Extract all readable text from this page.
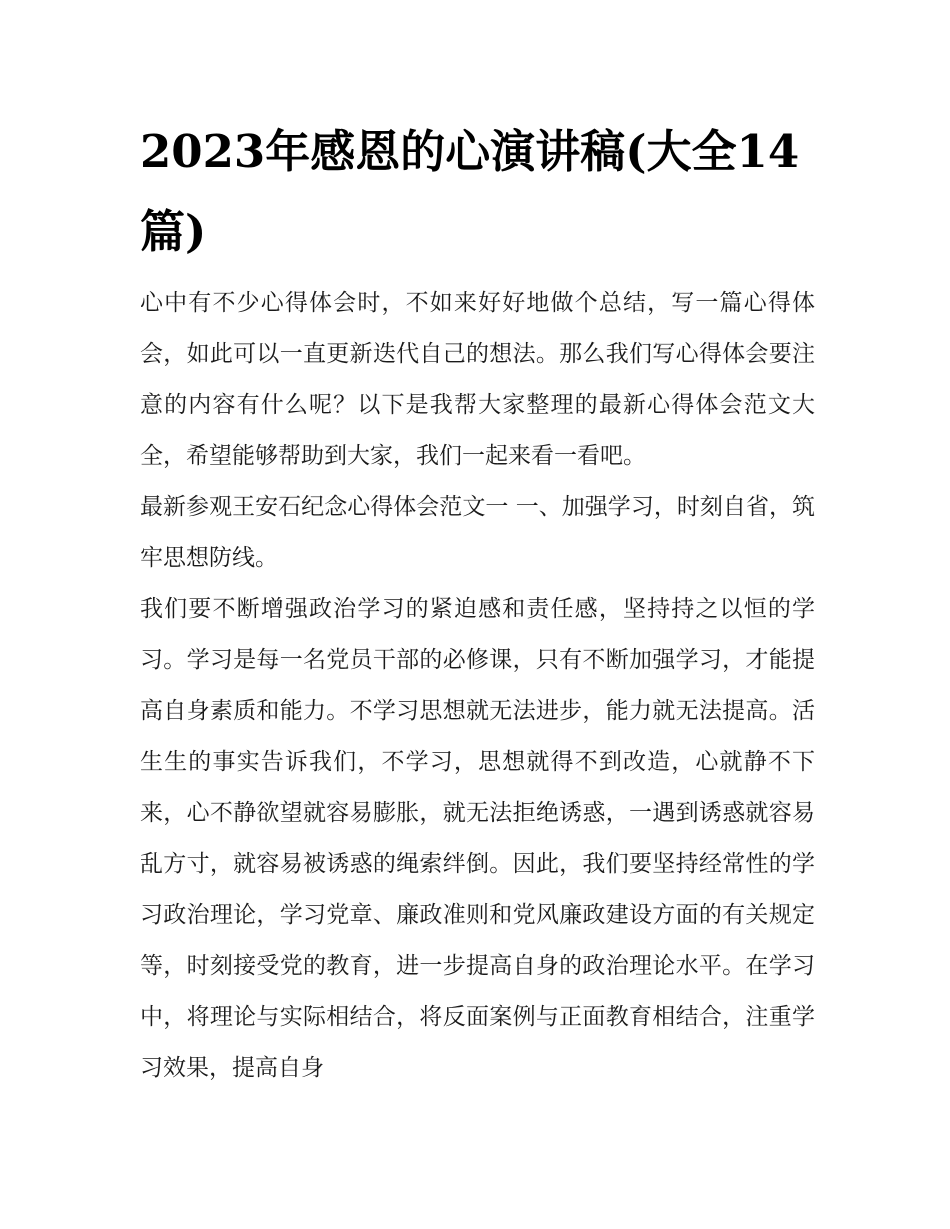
2023年感恩的心演讲稿(大全14篇)

心中有不少心得体会时，不如来好好地做个总结，写一篇心得体会，如此可以一直更新迭代自己的想法。那么我们写心得体会要注意的内容有什么呢？以下是我帮大家整理的最新心得体会范文大全，希望能够帮助到大家，我们一起来看一看吧。

最新参观王安石纪念心得体会范文一 一、加强学习，时刻自省，筑牢思想防线。

我们要不断增强政治学习的紧迫感和责任感，坚持持之以恒的学习。学习是每一名党员干部的必修课，只有不断加强学习，才能提高自身素质和能力。不学习思想就无法进步，能力就无法提高。活生生的事实告诉我们，不学习，思想就得不到改造，心就静不下来，心不静欲望就容易膨胀，就无法拒绝诱惑，一遇到诱惑就容易乱方寸，就容易被诱惑的绳索绊倒。因此，我们要坚持经常性的学习政治理论，学习党章、廉政准则和党风廉政建设方面的有关规定等，时刻接受党的教育，进一步提高自身的政治理论水平。在学习中，将理论与实际相结合，将反面案例与正面教育相结合，注重学习效果，提高自身
